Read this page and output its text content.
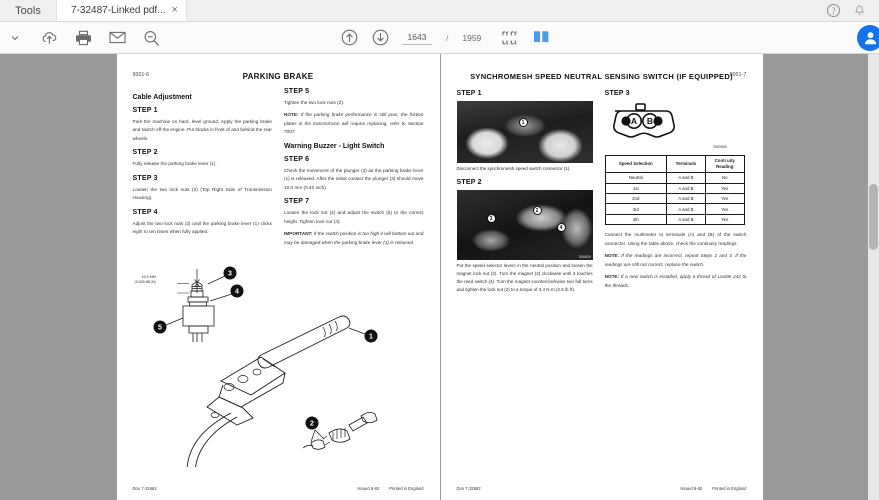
Tools	7-32487-Linked pdf... ×	?
1643 / 1959
9001-6	PARKING BRAKE
Cable Adjustment
STEP 1

Park the machine on hard, level ground. Apply the parking brake and switch off the engine. Put blocks in front of and behind the rear wheels.

STEP 2

Fully release the parking brake lever (1).

STEP 3

Loosen the two lock nuts (2) (Top Right Side of Transmission Housing).

STEP 4

Adjust the two lock nuts (2) until the parking brake lever (1) clicks eight to ten times when fully applied.

STEP 5

Tighten the two lock nuts (2).

NOTE: If the parking brake performance is still poor, the friction plates in the transmission will require replacing, refer to Section 7007.

Warning Buzzer - Light Switch
STEP 6

Check the movement of the plunger (3) as the parking brake lever (1) is released. After the initial contact the plunger (3) should move 10.0 mm (0.40 inch).

STEP 7

Loosen the lock nut (4) and adjust the switch (5) to the correct height. Tighten lock nut (4).

IMPORTANT: If the switch position is too high it will bottom out and may be damaged when the parking brake lever (1) is released.

3
4
5
1
2
10.0 MM
(0.040 INCH)
Don 7-32682	Issued 8-92 Printed in England
9001-7
SYNCHROMESH SPEED NEUTRAL SENSING SWITCH (IF EQUIPPED)
STEP 1
1

Disconnect the synchromesh speed switch connector (1).

STEP 2
3
2
4
S90829

Put the speed selector levers in the neutral position and loosen the magnet lock nut (2). Turn the magnet (3) clockwise until it touches the reed switch (4). Turn the magnet counterclockwise two full turns and tighten the lock nut (2) to a torque of 3.4 N·m (2.5 lb ft).

STEP 3
A B
SM0589
Speed Selection	Terminals	Conti uity
Reading
Neutral	A and B	No
1st	A and B	Yes
2nd	A and B	Yes
3rd	A and B	Yes
4th	A and B	Yes

Connect the multimeter to terminals (A) and (B) of the switch connector. Using the table above, check the continuity readings.

NOTE: If the readings are incorrect, repeat Steps 2 and 3. If the readings are still not correct, replace the switch.

NOTE: If a new switch is installed, apply a thread of Loctite 242 to the threads.

Don 7-32682	Issued 8-92 Printed in England
